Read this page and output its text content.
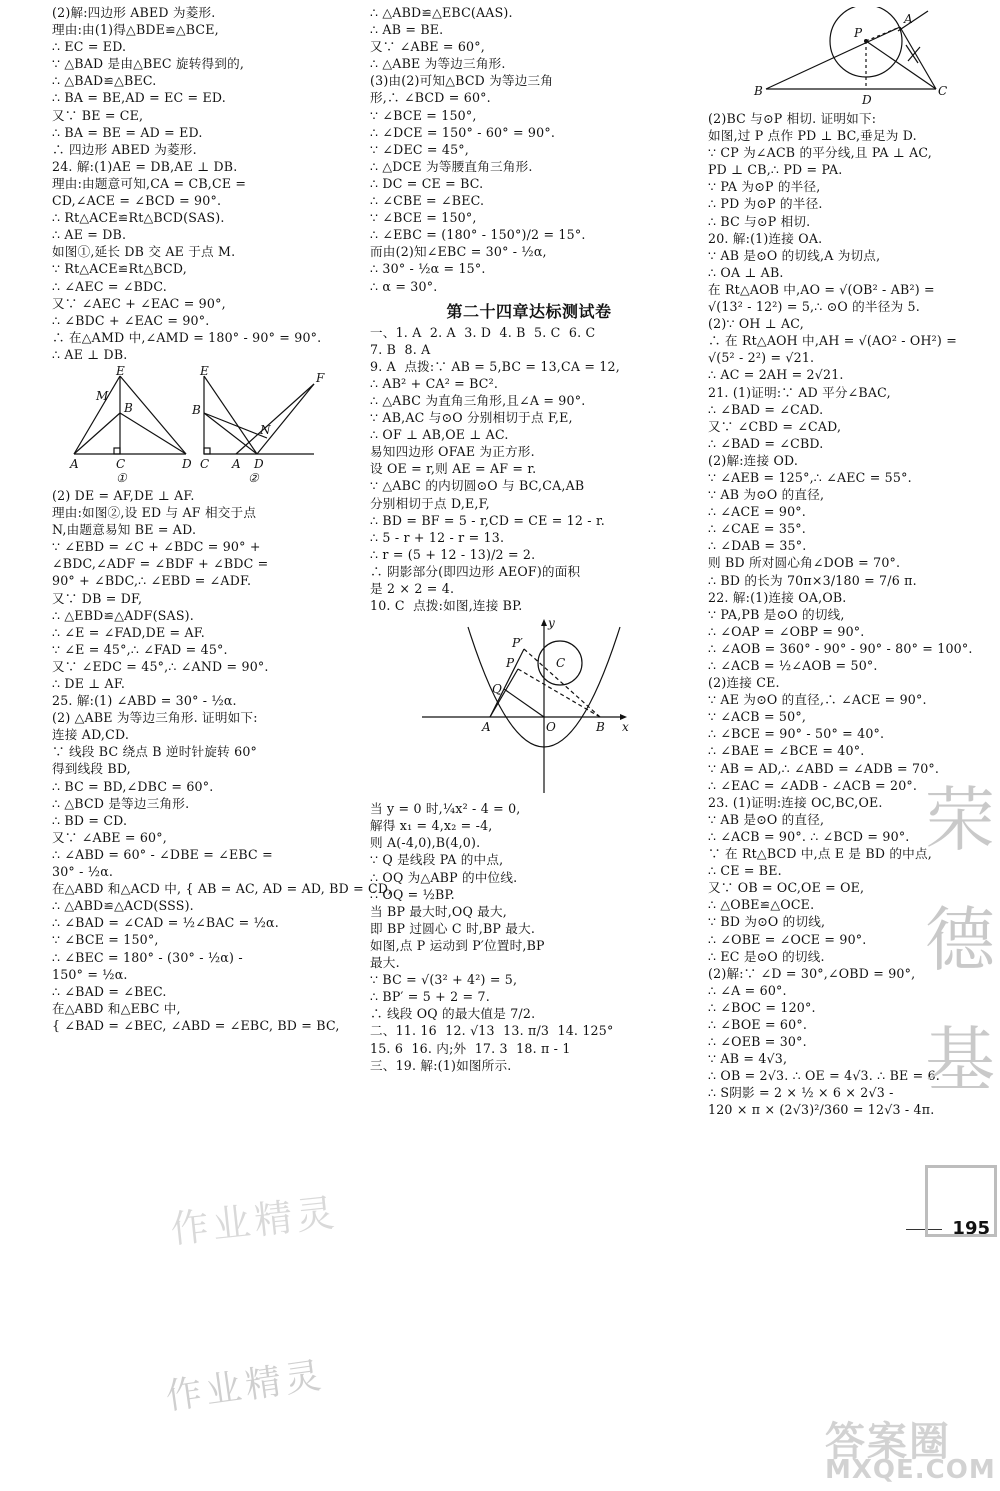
(2)解:四边形 ABED 为菱形.
理由:由(1)得△BDE≌△BCE,
∴ EC = ED.
∵ △BAD 是由△BEC 旋转得到的,
∴ △BAD≌△BEC.
∴ BA = BE,AD = EC = ED.
又∵ BE = CE,
∴ BA = BE = AD = ED.
∴ 四边形 ABED 为菱形.
24. 解:(1)AE = DB,AE ⊥ DB.
理由:由题意可知,CA = CB,CE =
CD,∠ACE = ∠BCD = 90°.
∴ Rt△ACE≌Rt△BCD(SAS).
∴ AE = DB.
如图①,延长 DB 交 AE 于点 M.
∵ Rt△ACE≌Rt△BCD,
∴ ∠AEC = ∠BDC.
又∵ ∠AEC + ∠EAC = 90°,
∴ ∠BDC + ∠EAC = 90°.
∴ 在△AMD 中,∠AMD = 180° - 90° = 90°.
∴ AE ⊥ DB.
M
E
B
A	C	D
①
E	F
B
N
C A D
②
(2) DE = AF,DE ⊥ AF.
理由:如图②,设 ED 与 AF 相交于点
N,由题意易知 BE = AD.
∵ ∠EBD = ∠C + ∠BDC = 90° +
∠BDC,∠ADF = ∠BDF + ∠BDC =
90° + ∠BDC,∴ ∠EBD = ∠ADF.
又∵ DB = DF,
∴ △EBD≌△ADF(SAS).
∴ ∠E = ∠FAD,DE = AF.
∵ ∠E = 45°,∴ ∠FAD = 45°.
又∵ ∠EDC = 45°,∴ ∠AND = 90°.
∴ DE ⊥ AF.
25. 解:(1) ∠ABD = 30° - ½α.
(2) △ABE 为等边三角形. 证明如下:
连接 AD,CD.
∵ 线段 BC 绕点 B 逆时针旋转 60°
得到线段 BD,
∴ BC = BD,∠DBC = 60°.
∴ △BCD 是等边三角形.
∴ BD = CD.
又∵ ∠ABE = 60°,
∴ ∠ABD = 60° - ∠DBE = ∠EBC =
30° - ½α.
在△ABD 和△ACD 中, { AB = AC, AD = AD, BD = CD,
∴ △ABD≌△ACD(SSS).
∴ ∠BAD = ∠CAD = ½∠BAC = ½α.
∵ ∠BCE = 150°,
∴ ∠BEC = 180° - (30° - ½α) -
150° = ½α.
∴ ∠BAD = ∠BEC.
在△ABD 和△EBC 中,
{ ∠BAD = ∠BEC, ∠ABD = ∠EBC, BD = BC,
∴ △ABD≌△EBC(AAS).
∴ AB = BE.
又∵ ∠ABE = 60°,
∴ △ABE 为等边三角形.
(3)由(2)可知△BCD 为等边三角
形,∴ ∠BCD = 60°.
∵ ∠BCE = 150°,
∴ ∠DCE = 150° - 60° = 90°.
∵ ∠DEC = 45°,
∴ △DCE 为等腰直角三角形.
∴ DC = CE = BC.
∴ ∠CBE = ∠BEC.
∵ ∠BCE = 150°,
∴ ∠EBC = (180° - 150°)/2 = 15°.
而由(2)知∠EBC = 30° - ½α,
∴ 30° - ½α = 15°.
∴ α = 30°.
第二十四章达标测试卷
一、1. A  2. A  3. D  4. B  5. C  6. C
7. B  8. A
9. A  点拨:∵ AB = 5,BC = 13,CA = 12,
∴ AB² + CA² = BC².
∴ △ABC 为直角三角形,且∠A = 90°.
∵ AB,AC 与⊙O 分别相切于点 F,E,
∴ OF ⊥ AB,OE ⊥ AC.
易知四边形 OFAE 为正方形.
设 OE = r,则 AE = AF = r.
∵ △ABC 的内切圆⊙O 与 BC,CA,AB
分别相切于点 D,E,F,
∴ BD = BF = 5 - r,CD = CE = 12 - r.
∴ 5 - r + 12 - r = 13.
∴ r = (5 + 12 - 13)/2 = 2.
∴ 阴影部分(即四边形 AEOF)的面积
是 2 × 2 = 4.
10. C  点拨:如图,连接 BP.
y
x
P′
P	C
Q
A	O	B
当 y = 0 时,¼x² - 4 = 0,
解得 x₁ = 4,x₂ = -4,
则 A(-4,0),B(4,0).
∵ Q 是线段 PA 的中点,
∴ OQ 为△ABP 的中位线.
∴ OQ = ½BP.
当 BP 最大时,OQ 最大,
即 BP 过圆心 C 时,BP 最大.
如图,点 P 运动到 P′位置时,BP
最大.
∵ BC = √(3² + 4²) = 5,
∴ BP′ = 5 + 2 = 7.
∴ 线段 OQ 的最大值是 7/2.
二、11. 16  12. √13  13. π/3  14. 125°
15. 6  16. 内;外  17. 3  18. π - 1
三、19. 解:(1)如图所示.
A
P
B
D
C
(2)BC 与⊙P 相切. 证明如下:
如图,过 P 点作 PD ⊥ BC,垂足为 D.
∵ CP 为∠ACB 的平分线,且 PA ⊥ AC,
PD ⊥ CB,∴ PD = PA.
∵ PA 为⊙P 的半径,
∴ PD 为⊙P 的半径.
∴ BC 与⊙P 相切.
20. 解:(1)连接 OA.
∵ AB 是⊙O 的切线,A 为切点,
∴ OA ⊥ AB.
在 Rt△AOB 中,AO = √(OB² - AB²) =
√(13² - 12²) = 5,∴ ⊙O 的半径为 5.
(2)∵ OH ⊥ AC,
∴ 在 Rt△AOH 中,AH = √(AO² - OH²) =
√(5² - 2²) = √21.
∴ AC = 2AH = 2√21.
21. (1)证明:∵ AD 平分∠BAC,
∴ ∠BAD = ∠CAD.
又∵ ∠CBD = ∠CAD,
∴ ∠BAD = ∠CBD.
(2)解:连接 OD.
∵ ∠AEB = 125°,∴ ∠AEC = 55°.
∵ AB 为⊙O 的直径,
∴ ∠ACE = 90°.
∴ ∠CAE = 35°.
∴ ∠DAB = 35°.
则 BD 所对圆心角∠DOB = 70°.
∴ BD 的长为 70π×3/180 = 7/6 π.
22. 解:(1)连接 OA,OB.
∵ PA,PB 是⊙O 的切线,
∴ ∠OAP = ∠OBP = 90°.
∴ ∠AOB = 360° - 90° - 90° - 80° = 100°.
∴ ∠ACB = ½∠AOB = 50°.
(2)连接 CE.
∵ AE 为⊙O 的直径,∴ ∠ACE = 90°.
∵ ∠ACB = 50°,
∴ ∠BCE = 90° - 50° = 40°.
∴ ∠BAE = ∠BCE = 40°.
∵ AB = AD,∴ ∠ABD = ∠ADB = 70°.
∴ ∠EAC = ∠ADB - ∠ACB = 20°.
23. (1)证明:连接 OC,BC,OE.
∵ AB 是⊙O 的直径,
∴ ∠ACB = 90°. ∴ ∠BCD = 90°.
∵ 在 Rt△BCD 中,点 E 是 BD 的中点,
∴ CE = BE.
又∵ OB = OC,OE = OE,
∴ △OBE≌△OCE.
∵ BD 为⊙O 的切线,
∴ ∠OBE = ∠OCE = 90°.
∴ EC 是⊙O 的切线.
(2)解:∵ ∠D = 30°,∠OBD = 90°,
∴ ∠A = 60°.
∴ ∠BOC = 120°.
∴ ∠BOE = 60°.
∴ ∠OEB = 30°.
∵ AB = 4√3,
∴ OB = 2√3. ∴ OE = 4√3. ∴ BE = 6.
∴ S阴影 = 2 × ½ × 6 × 2√3 -
120 × π × (2√3)²/360 = 12√3 - 4π.
195
作业精灵
作业精灵
荣德基
答案圈
MXQE.COM
